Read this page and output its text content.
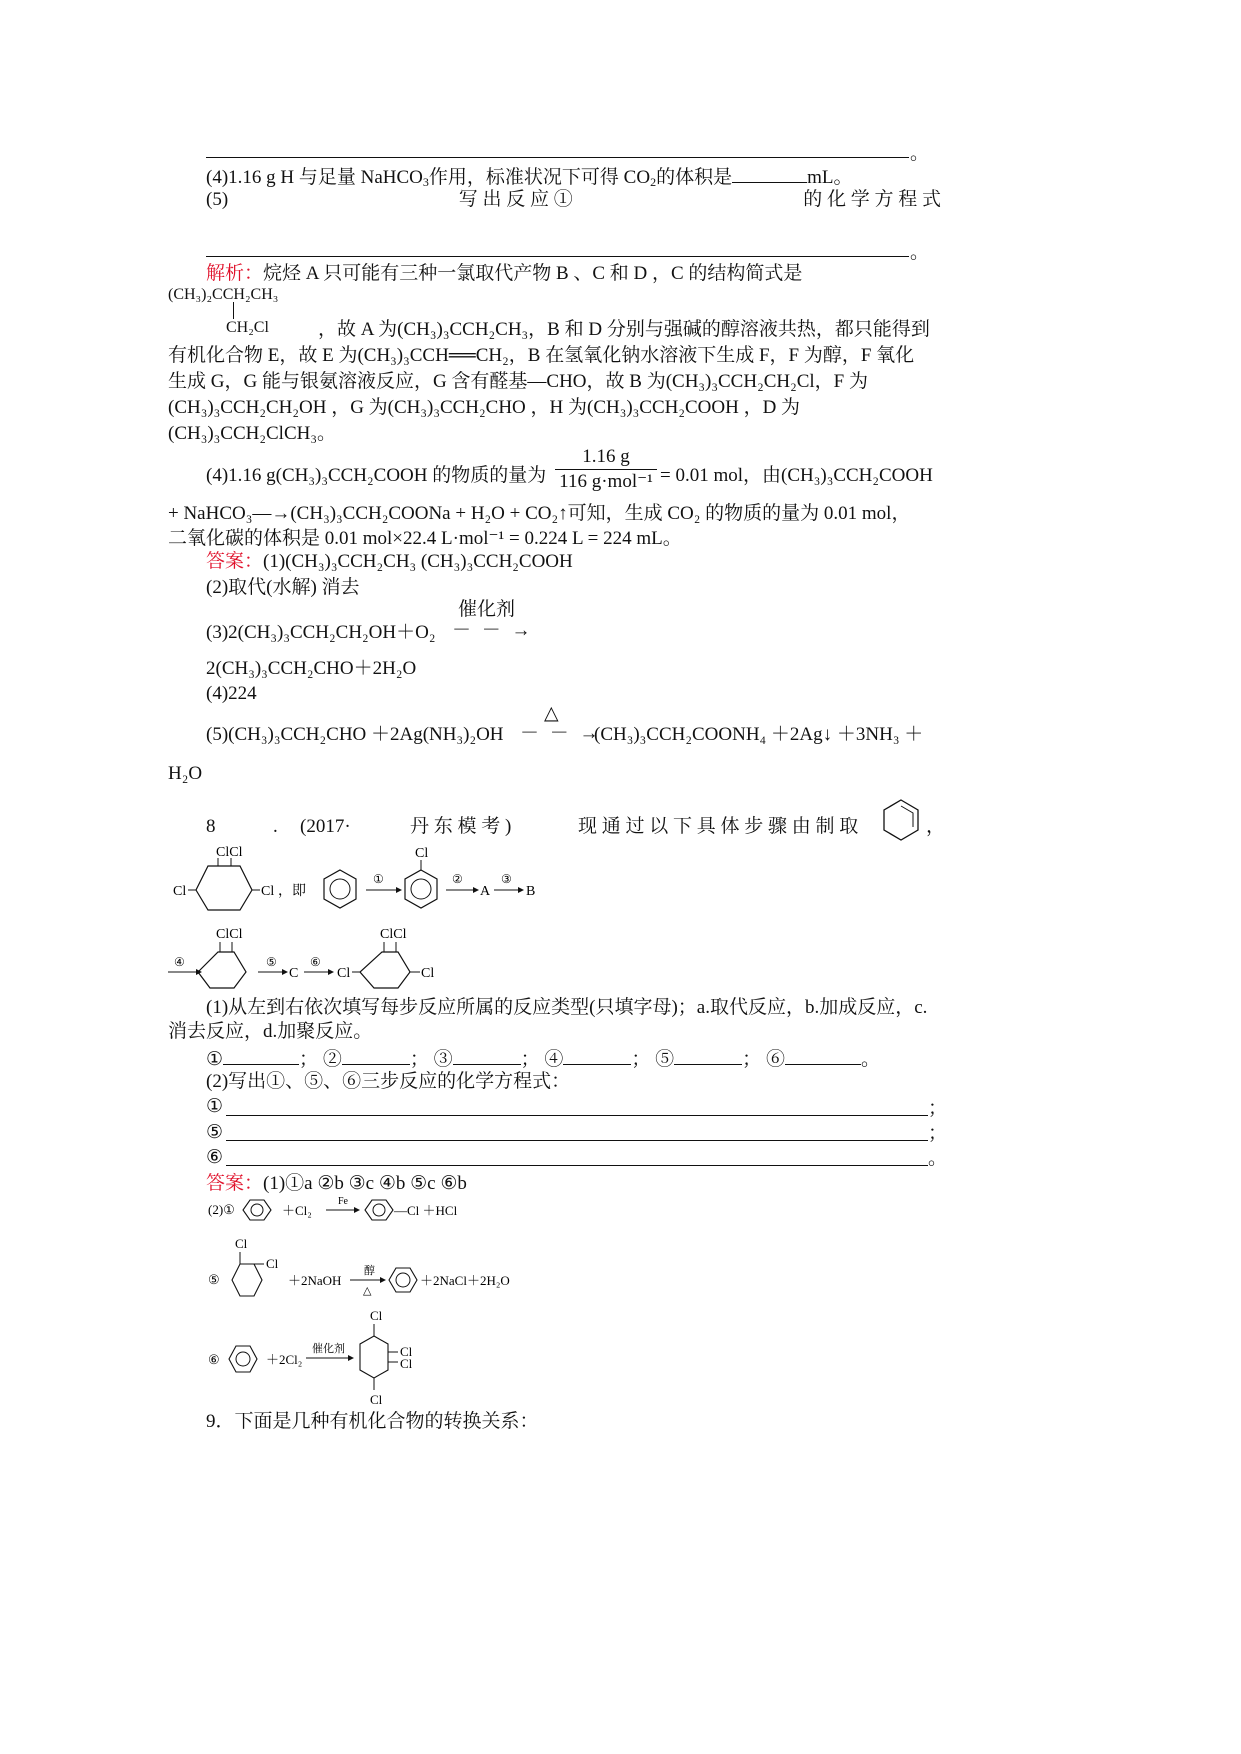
。
(4)1.16 g H 与足量 NaHCO$_3$作用，标准状况下可得 $CO_2$的体积是	mL。
(5)	写 出 反 应 ①	的 化 学 方 程 式
。
解析：烷烃 A 只可能有三种一氯取代产物 B 、C 和 D ，C 的结构简式是
(CH₃)₂CCH₂CH₃
CH₂Cl	，故 A 为(CH₃)₃CCH₂CH₃，B 和 D 分别与强碱的醇溶液共热，都只能得到
有机化合物 E，故 E 为(CH₃)₃CCH══CH₂，B 在氢氧化钠水溶液下生成 F，F 为醇，F 氧化
生成 G，G 能与银氨溶液反应，G 含有醛基—CHO，故 B 为(CH₃)₃CCH₂CH₂Cl，F 为
(CH₃)₃CCH₂CH₂OH ，G 为(CH₃)₃CCH₂CHO ，H 为(CH₃)₃CCH₂COOH ，D 为
(CH₃)₃CCH₂ClCH₃。
(4)1.16 g(CH₃)₃CCH₂COOH 的物质的量为
1.16 g
116 g·mol⁻¹ = 0.01 mol，由(CH₃)₃CCH₂COOH
+ NaHCO₃—→(CH₃)₃CCH₂COONa + H₂O + CO₂↑可知，生成 CO₂ 的物质的量为 0.01 mol，
二氧化碳的体积是 0.01 mol×22.4 L·mol⁻¹ = 0.224 L = 224 mL。
答案：(1)(CH₃)₃CCH₂CH₃ (CH₃)₃CCH₂COOH
(2)取代(水解) 消去
催化剂
(3)2(CH₃)₃CCH₂CH₂OH＋O₂ － － →
2(CH₃)₃CCH₂CHO＋2H₂O
(4)224
△
(5)(CH₃)₃CCH₂CHO ＋2Ag(NH₃)₂OH － － →
(CH₃)₃CCH₂COONH₄ ＋2Ag↓ ＋3NH₃ ＋
H₂O
8	. (2017·	丹 东 模 考 )	现 通 过 以 下 具 体 步 骤 由 制 取	，
ClCl
Cl	Cl ，即
①
Cl
②
A
③
B
④
ClCl
⑤
C
⑥
Cl
ClCl
Cl
(1)从左到右依次填写每步反应所属的反应类型(只填字母)；a.取代反应，b.加成反应，c.
消去反应，d.加聚反应。
①	； ②	； ③	； ④	； ⑤	； ⑥	。
(2)写出①、⑤、⑥三步反应的化学方程式：
①	；
⑤	；
⑥	。
答案：(1)①a ②b ③c ④b ⑤c ⑥b
(2)①	＋Cl₂
Fe
—Cl ＋HCl
⑤
Cl
Cl
＋2NaOH
醇
△
＋2NaCl＋2H₂O
⑥	＋2Cl₂
催化剂
Cl
Cl
Cl
Cl
9．下面是几种有机化合物的转换关系：
